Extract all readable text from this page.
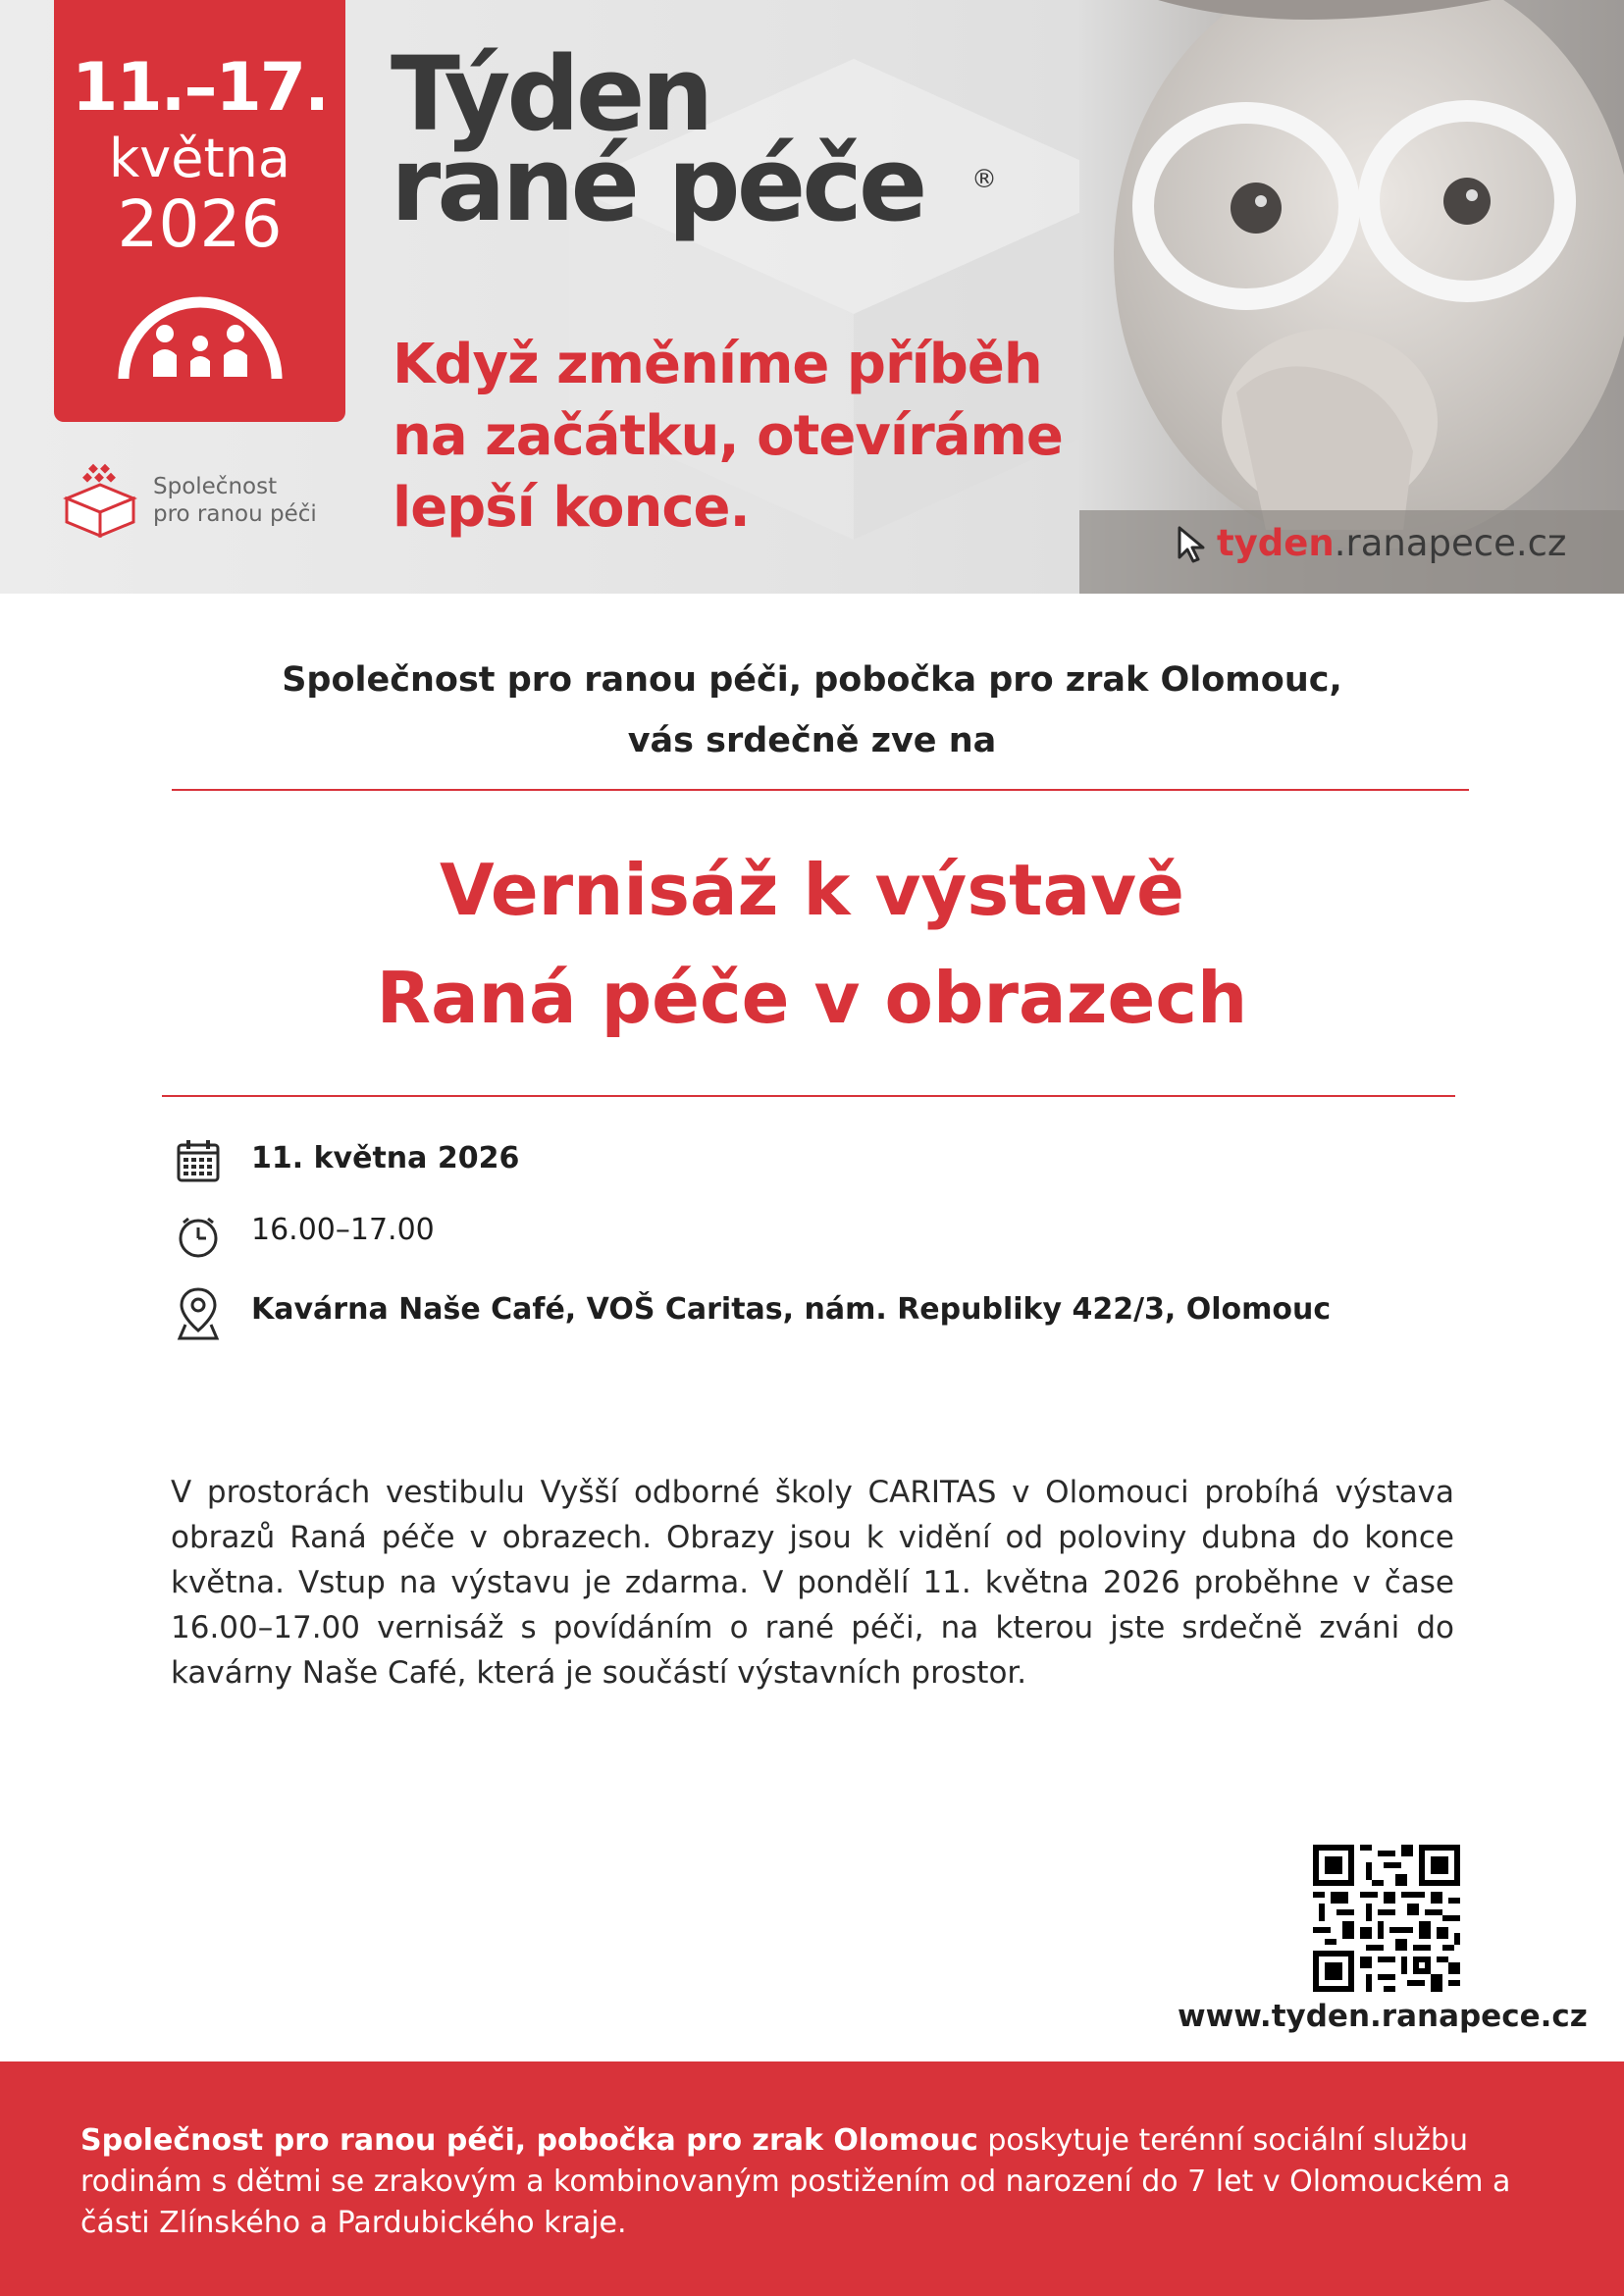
11.–17.
května
2026
Společnost
pro ranou péči
Týden
rané péče ®
Když změníme příběh
na začátku, otevíráme
lepší konce.
tyden.ranapece.cz
Společnost pro ranou péči, pobočka pro zrak Olomouc,
vás srdečně zve na
Vernisáž k výstavě
Raná péče v obrazech
11. května 2026
16.00–17.00
Kavárna Naše Café, VOŠ Caritas, nám. Republiky 422/3, Olomouc
V prostorách vestibulu Vyšší odborné školy CARITAS v Olomouci probíhá výstava obrazů Raná péče v obrazech. Obrazy jsou k vidění od poloviny dubna do konce května. Vstup na výstavu je zdarma. V pondělí 11. května 2026 proběhne v čase 16.00–17.00 vernisáž s povídáním o rané péči, na kterou jste srdečně zváni do kavárny Naše Café, která je součástí výstavních prostor.
www.tyden.ranapece.cz
Společnost pro ranou péči, pobočka pro zrak Olomouc poskytuje terénní sociální službu rodinám s dětmi se zrakovým a kombinovaným postižením od narození do 7 let v Olomouckém a části Zlínského a Pardubického kraje.
